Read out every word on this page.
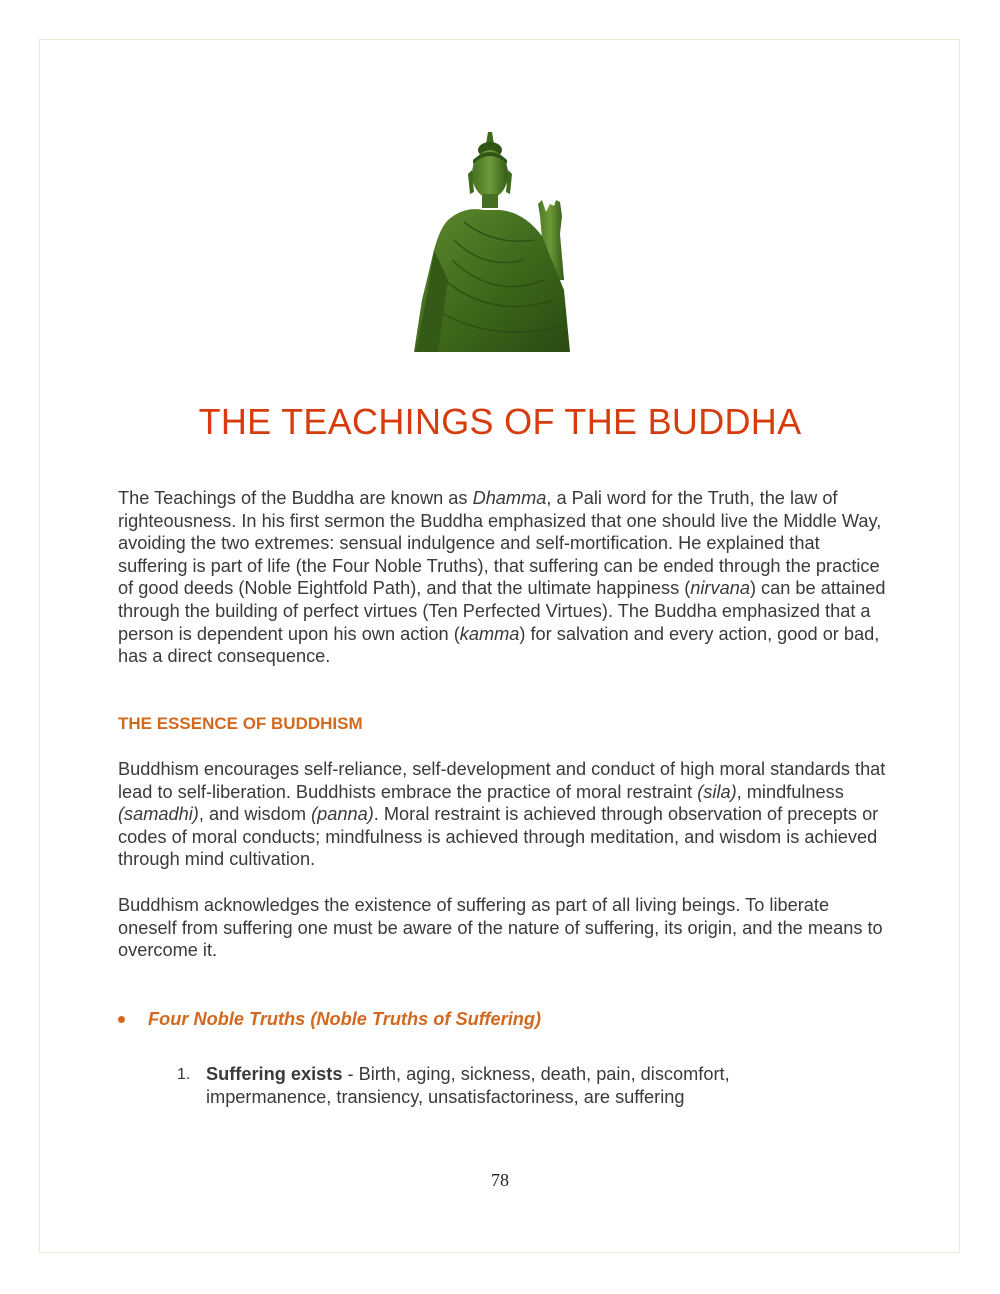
THE TEACHINGS OF THE BUDDHA

The Teachings of the Buddha are known as Dhamma, a Pali word for the Truth, the law of righteousness. In his first sermon the Buddha emphasized that one should live the Middle Way, avoiding the two extremes: sensual indulgence and self-mortification. He explained that suffering is part of life (the Four Noble Truths), that suffering can be ended through the practice of good deeds (Noble Eightfold Path), and that the ultimate happiness (nirvana) can be attained through the building of perfect virtues (Ten Perfected Virtues). The Buddha emphasized that a person is dependent upon his own action (kamma) for salvation and every action, good or bad, has a direct consequence.

THE ESSENCE OF BUDDHISM

Buddhism encourages self-reliance, self-development and conduct of high moral standards that lead to self-liberation. Buddhists embrace the practice of moral restraint (sila), mindfulness (samadhi), and wisdom (panna). Moral restraint is achieved through observation of precepts or codes of moral conducts; mindfulness is achieved through meditation, and wisdom is achieved through mind cultivation.

Buddhism acknowledges the existence of suffering as part of all living beings. To liberate oneself from suffering one must be aware of the nature of suffering, its origin, and the means to overcome it.

Four Noble Truths (Noble Truths of Suffering)
1. Suffering exists - Birth, aging, sickness, death, pain, discomfort, impermanence, transiency, unsatisfactoriness, are suffering
78
